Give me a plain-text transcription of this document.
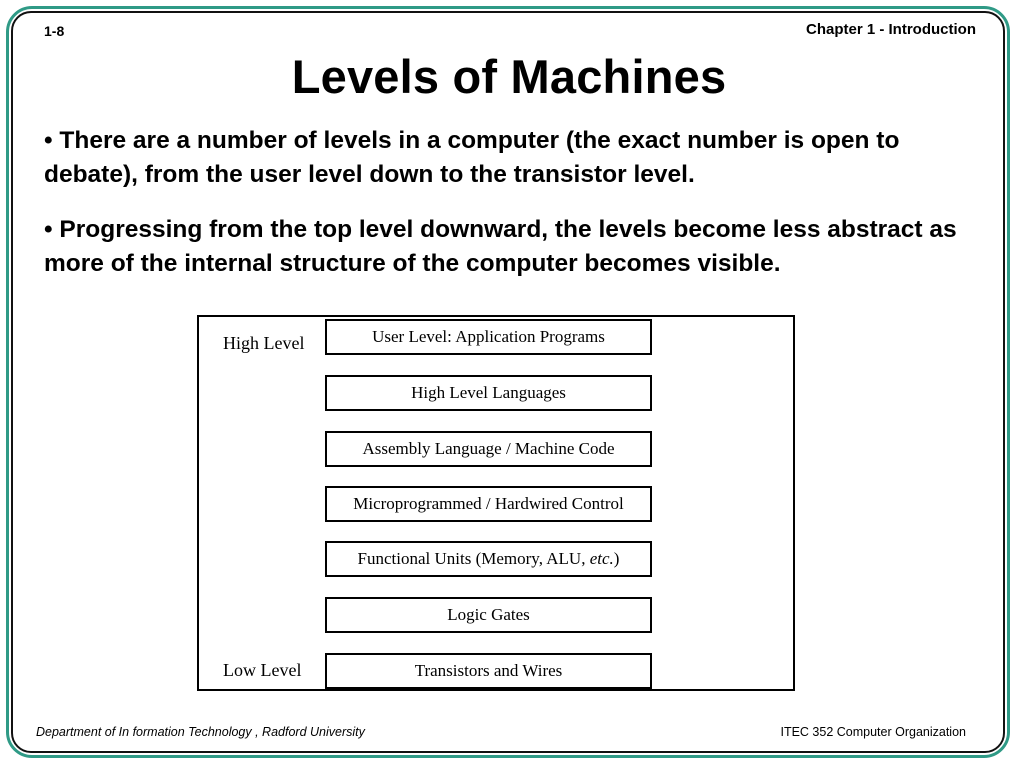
1-8	Chapter 1 - Introduction
Levels of Machines
• There are a number of levels in a computer (the exact number is open to debate), from the user level down to the transistor level.
• Progressing from the top level downward, the levels become less abstract as more of the internal structure of the computer becomes visible.
High Level
Low Level
User Level: Application Programs
High Level Languages
Assembly Language / Machine Code
Microprogrammed / Hardwired Control
Functional Units (Memory, ALU, etc.)
Logic Gates
Transistors and Wires
Department of In formation Technology , Radford University	ITEC 352 Computer Organization
